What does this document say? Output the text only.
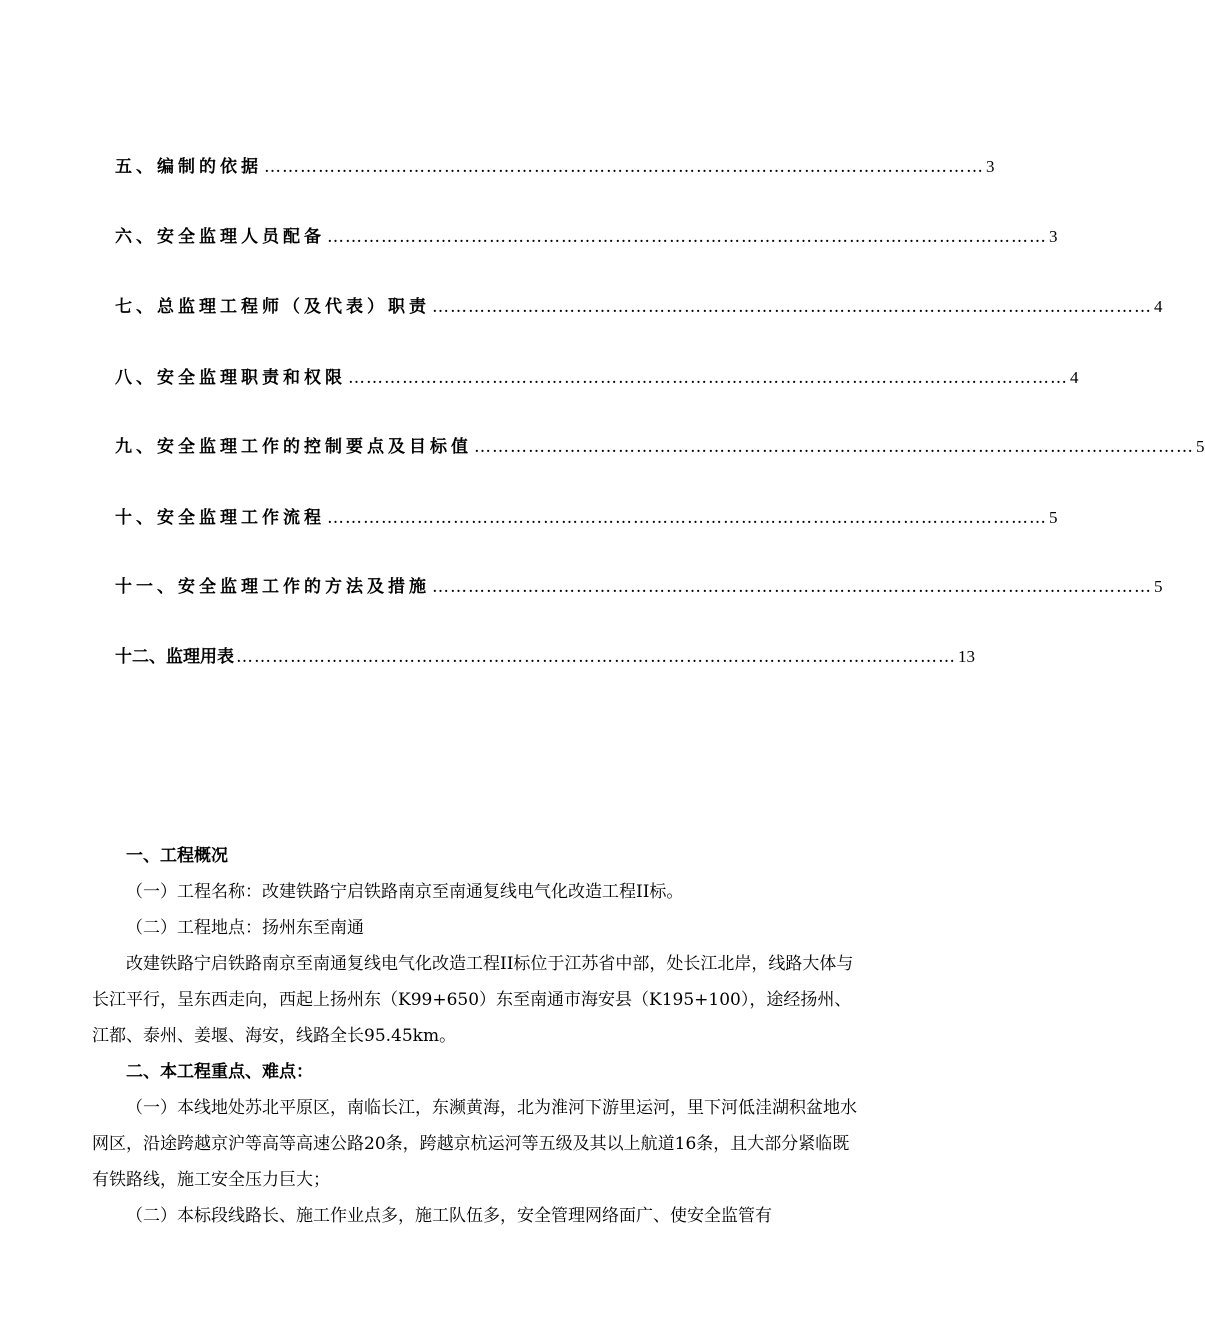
五、编制的依据 ………………………………………………………………………………………………………… 3
六、安全监理人员配备 ………………………………………………………………………………………………………… 3
七、总监理工程师（及代表）职责 ………………………………………………………………………………………………………… 4
八、安全监理职责和权限 ………………………………………………………………………………………………………… 4
九、安全监理工作的控制要点及目标值 ………………………………………………………………………………………………………… 5
十、安全监理工作流程 ………………………………………………………………………………………………………… 5
十一、安全监理工作的方法及措施 ………………………………………………………………………………………………………… 5
十二、监理用表 ………………………………………………………………………………………………………… 13

一、工程概况

（一）工程名称：改建铁路宁启铁路南京至南通复线电气化改造工程II标。

（二）工程地点：扬州东至南通

改建铁路宁启铁路南京至南通复线电气化改造工程II标位于江苏省中部，处长江北岸，线路大体与长江平行，呈东西走向，西起上扬州东（K99+650）东至南通市海安县（K195+100），途经扬州、江都、泰州、姜堰、海安，线路全长95.45km。

二、本工程重点、难点：

（一）本线地处苏北平原区，南临长江，东濒黄海，北为淮河下游里运河，里下河低洼湖积盆地水网区，沿途跨越京沪等高等高速公路20条，跨越京杭运河等五级及其以上航道16条，且大部分紧临既有铁路线，施工安全压力巨大；

（二）本标段线路长、施工作业点多，施工队伍多，安全管理网络面广、使安全监管有
